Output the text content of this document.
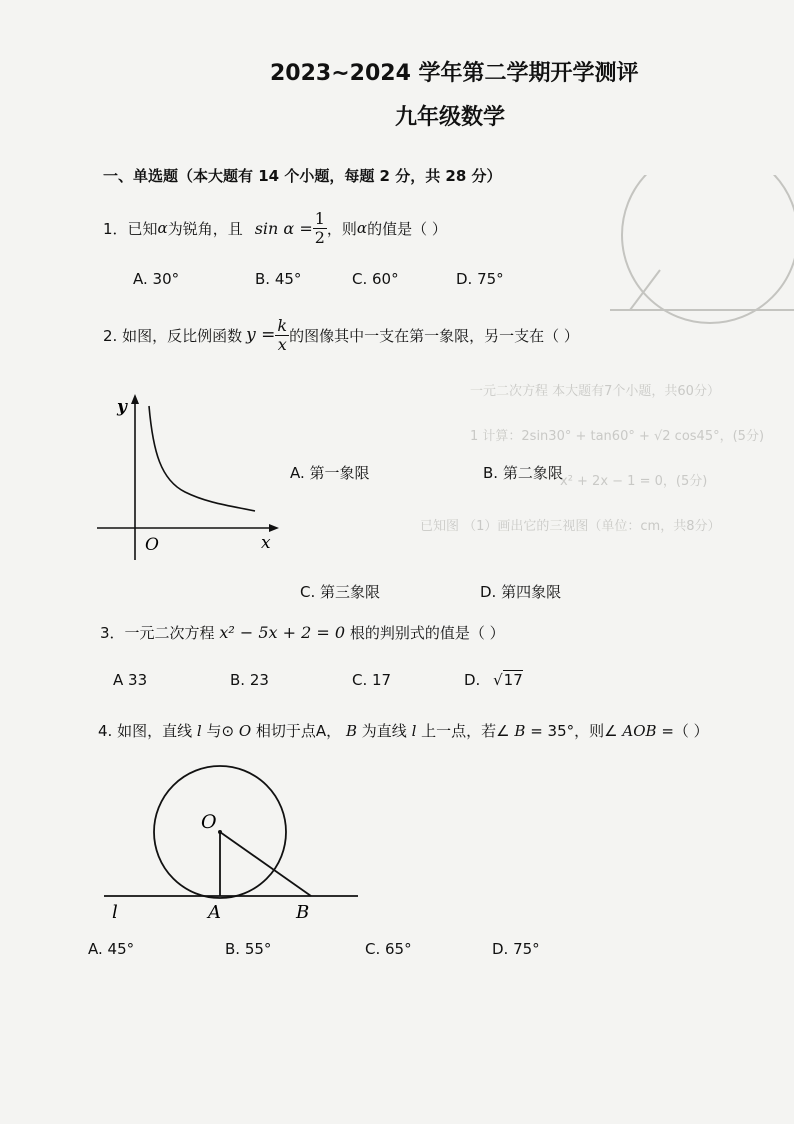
一元二次方程 本大题有7个小题，共60分）
1 计算：2sin30° + tan60° + √2 cos45°，(5分)
x² + 2x − 1 = 0，(5分)
已知图 （1）画出它的三视图（单位：cm，共8分）
2023~2024 学年第二学期开学测评
九年级数学
一、单选题（本大题有 14 个小题，每题 2 分，共 28 分）
1．已知 α 为锐角，且 $\sin \alpha = \frac{1}{2}$ ，则 α 的值是（ ）
A. 30°	B. 45°	C. 60°	D. 75°
2. 如图，反比例函数 $y = \frac{k}{x}$ 的图像其中一支在第一象限，另一支在（ ）
y
x
O
A. 第一象限	B. 第二象限
C. 第三象限	D. 第四象限
3．一元二次方程 x² − 5x + 2 = 0 根的判别式的值是（ ）
A 33	B. 23	C. 17	D. √17
4. 如图，直线 l 与⊙ O 相切于点A， B 为直线 l 上一点，若∠ B = 35°，则∠ AOB =（ ）
O
l	A	B
A. 45°	B. 55°	C. 65°	D. 75°
